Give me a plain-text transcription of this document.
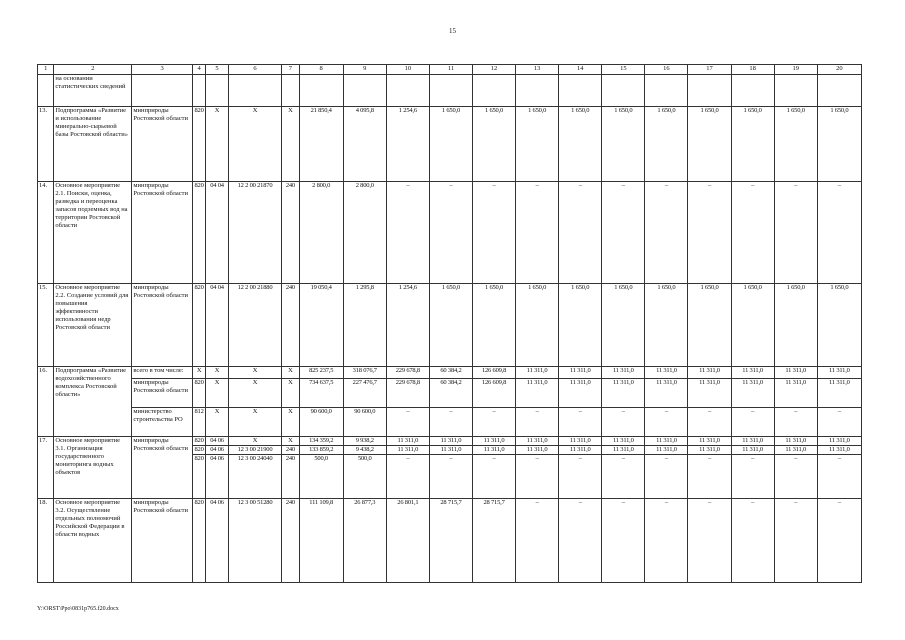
15
1	2	3	4	5	6	7	8	9	10	11	12	13	14	15	16	17	18	19	20
	на основании статистических сведений																		
13.	Подпрограмма «Развитие и использование минерально-сырьевой базы Ростовской области»	минприроды Ростовской области	820	Х	Х	Х	21 850,4	4 095,8	1 254,6	1 650,0	1 650,0	1 650,0	1 650,0	1 650,0	1 650,0	1 650,0	1 650,0	1 650,0	1 650,0
14.	Основное мероприятие 2.1. Поиски, оценка, разведка и переоценка запасов подземных вод на территории Ростовской области	минприроды Ростовской области	820	04 04	12 2 00 21870	240	2 800,0	2 800,0	–	–	–	–	–	–	–	–	–	–	–
15.	Основное мероприятие 2.2. Создание условий для повышения эффективности использования недр Ростовской области	минприроды Ростовской области	820	04 04	12 2 00 21880	240	19 050,4	1 295,8	1 254,6	1 650,0	1 650,0	1 650,0	1 650,0	1 650,0	1 650,0	1 650,0	1 650,0	1 650,0	1 650,0
16.	Подпрограмма «Развитие водохозяйственного комплекса Ростовской области»	всего в том числе:	Х	Х	Х	Х	825 237,5	318 076,7	229 678,8	60 384,2	126 609,8	11 311,0	11 311,0	11 311,0	11 311,0	11 311,0	11 311,0	11 311,0	11 311,0
		минприроды Ростовской области	820	Х	Х	Х	734 637,5	227 476,7	229 678,8	60 384,2	126 609,8	11 311,0	11 311,0	11 311,0	11 311,0	11 311,0	11 311,0	11 311,0	11 311,0
		министерство строительства РО	812	Х	Х	Х	90 600,0	90 600,0	–	–	–	–	–	–	–	–	–	–	–
17.	Основное мероприятие 3.1. Организация государственного мониторинга водных объектов	минприроды Ростовской области	820	04 06	Х	Х	134 359,2	9 938,2	11 311,0	11 311,0	11 311,0	11 311,0	11 311,0	11 311,0	11 311,0	11 311,0	11 311,0	11 311,0	11 311,0
			820	04 06	12 3 00 21900	240	133 859,2	9 438,2	11 311,0	11 311,0	11 311,0	11 311,0	11 311,0	11 311,0	11 311,0	11 311,0	11 311,0	11 311,0	11 311,0
			820	04 06	12 3 00 24040	240	500,0	500,0	–	–	–	–	–	–	–	–	–	–	–
18.	Основное мероприятие 3.2. Осуществление отдельных полномочий Российской Федерации в области водных	минприроды Ростовской области	820	04 06	12 3 00 51280	240	111 109,8	26 877,3	26 801,1	28 715,7	28 715,7	–	–	–	–	–	–	–	–
Y:\ORST\Ppo\0831p765.f20.docx
